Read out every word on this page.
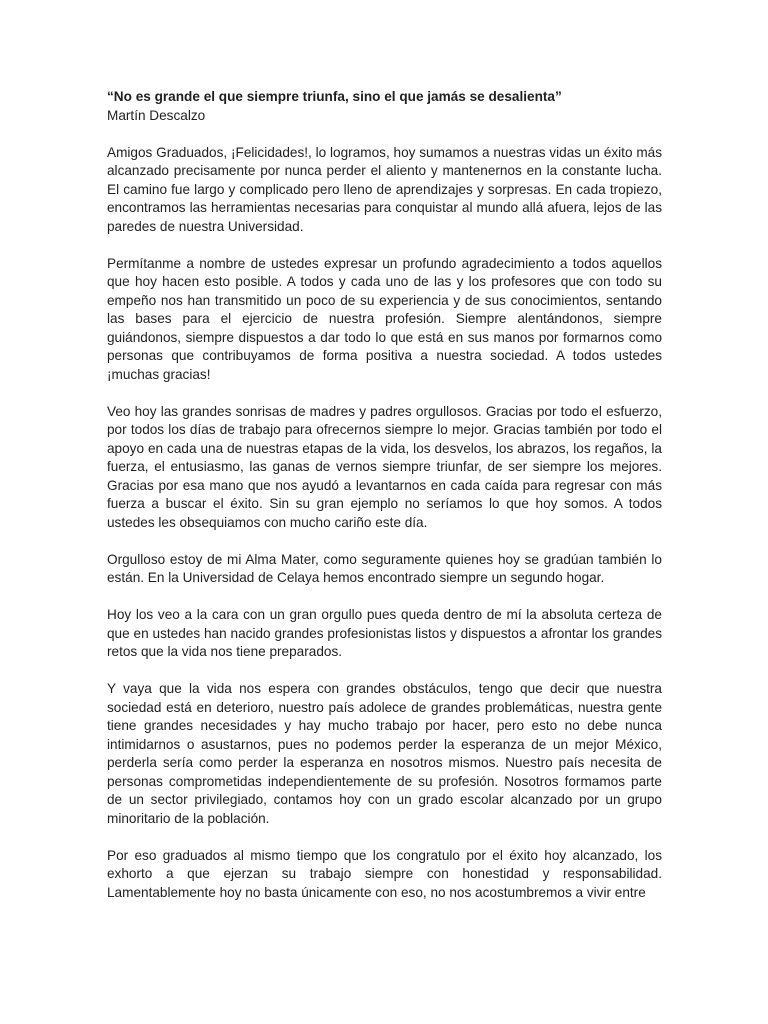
“No es grande el que siempre triunfa, sino el que jamás se desalienta”

Martín Descalzo

Amigos Graduados, ¡Felicidades!, lo logramos, hoy sumamos a nuestras vidas un éxito más alcanzado precisamente por nunca perder el aliento y mantenernos en la constante lucha. El camino fue largo y complicado pero lleno de aprendizajes y sorpresas. En cada tropiezo, encontramos las herramientas necesarias para conquistar al mundo allá afuera, lejos de las paredes de nuestra Universidad.

Permítanme a nombre de ustedes expresar un profundo agradecimiento a todos aquellos que hoy hacen esto posible. A todos y cada uno de las y los profesores que con todo su empeño nos han transmitido un poco de su experiencia y de sus conocimientos, sentando las bases para el ejercicio de nuestra profesión. Siempre alentándonos, siempre guiándonos, siempre dispuestos a dar todo lo que está en sus manos por formarnos como personas que contribuyamos de forma positiva a nuestra sociedad. A todos ustedes ¡muchas gracias!

Veo hoy las grandes sonrisas de madres y padres orgullosos. Gracias por todo el esfuerzo, por todos los días de trabajo para ofrecernos siempre lo mejor. Gracias también por todo el apoyo en cada una de nuestras etapas de la vida, los desvelos, los abrazos, los regaños, la fuerza, el entusiasmo, las ganas de vernos siempre triunfar, de ser siempre los mejores. Gracias por esa mano que nos ayudó a levantarnos en cada caída para regresar con más fuerza a buscar el éxito. Sin su gran ejemplo no seríamos lo que hoy somos. A todos ustedes les obsequiamos con mucho cariño este día.

Orgulloso estoy de mi Alma Mater, como seguramente quienes hoy se gradúan también lo están. En la Universidad de Celaya hemos encontrado siempre un segundo hogar.

Hoy los veo a la cara con un gran orgullo pues queda dentro de mí la absoluta certeza de que en ustedes han nacido grandes profesionistas listos y dispuestos a afrontar los grandes retos que la vida nos tiene preparados.

Y vaya que la vida nos espera con grandes obstáculos, tengo que decir que nuestra sociedad está en deterioro, nuestro país adolece de grandes problemáticas, nuestra gente tiene grandes necesidades y hay mucho trabajo por hacer, pero esto no debe nunca intimidarnos o asustarnos, pues no podemos perder la esperanza de un mejor México, perderla sería como perder la esperanza en nosotros mismos. Nuestro país necesita de personas comprometidas independientemente de su profesión. Nosotros formamos parte de un sector privilegiado, contamos hoy con un grado escolar alcanzado por un grupo minoritario de la población.

Por eso graduados al mismo tiempo que los congratulo por el éxito hoy alcanzado, los exhorto a que ejerzan su trabajo siempre con honestidad y responsabilidad. Lamentablemente hoy no basta únicamente con eso, no nos acostumbremos a vivir entre
